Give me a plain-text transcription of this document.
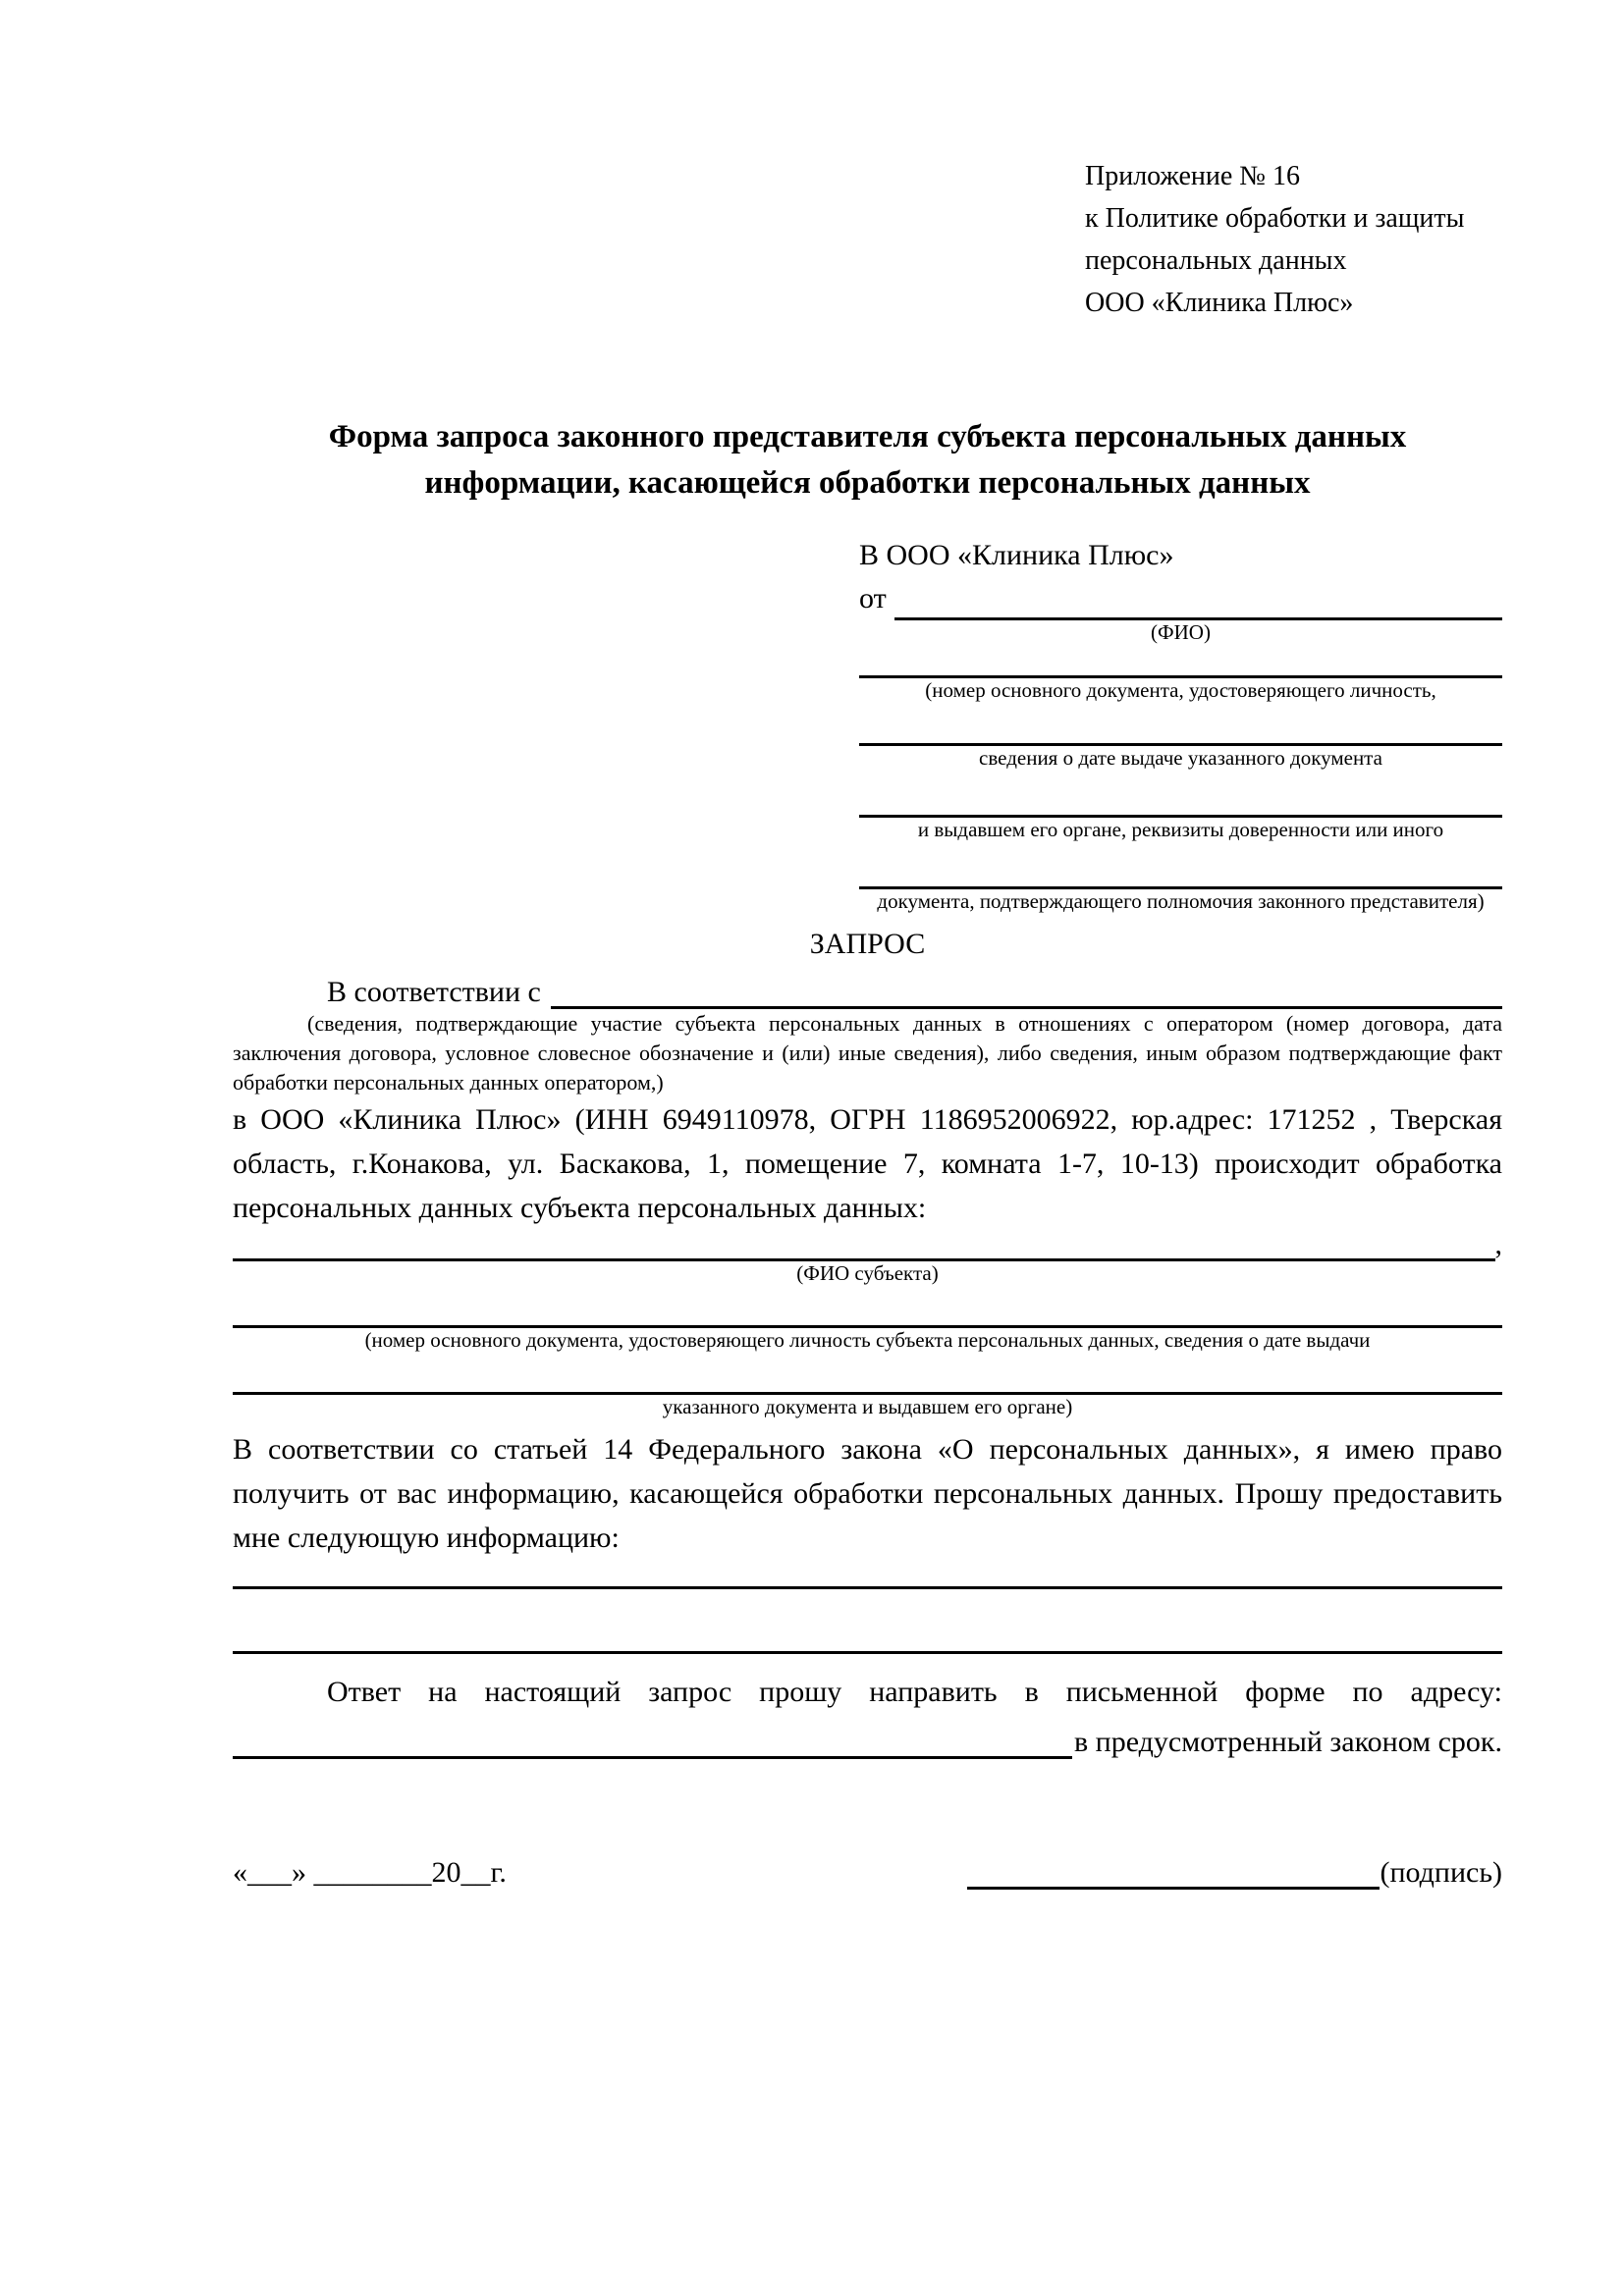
Приложение № 16
к Политике обработки и защиты
персональных данных
ООО «Клиника Плюс»
Форма запроса законного представителя субъекта персональных данных информации, касающейся обработки персональных данных
В ООО «Клиника Плюс»
от
(ФИО)
(номер основного документа, удостоверяющего личность,
сведения о дате выдаче указанного документа
и выдавшем его органе, реквизиты доверенности или иного
документа, подтверждающего полномочия законного представителя)
ЗАПРОС
В соответствии с
(сведения, подтверждающие участие субъекта персональных данных в отношениях с оператором (номер договора, дата заключения договора, условное словесное обозначение и (или) иные сведения), либо сведения, иным образом подтверждающие факт обработки персональных данных оператором,)
в ООО «Клиника Плюс» (ИНН 6949110978, ОГРН 1186952006922, юр.адрес: 171252 , Тверская область, г.Конакова, ул. Баскакова, 1, помещение 7, комната 1-7, 10-13) происходит обработка персональных данных субъекта персональных данных:
,
(ФИО субъекта)
(номер основного документа, удостоверяющего личность субъекта персональных данных, сведения о дате выдачи
указанного документа и выдавшем его органе)
В соответствии со статьей 14 Федерального закона «О персональных данных», я имею право получить от вас информацию, касающейся обработки персональных данных. Прошу предоставить мне следующую информацию:
Ответ на настоящий запрос прошу направить в письменной форме по адресу:
в предусмотренный законом срок.
«___» ________20__г.	(подпись)
